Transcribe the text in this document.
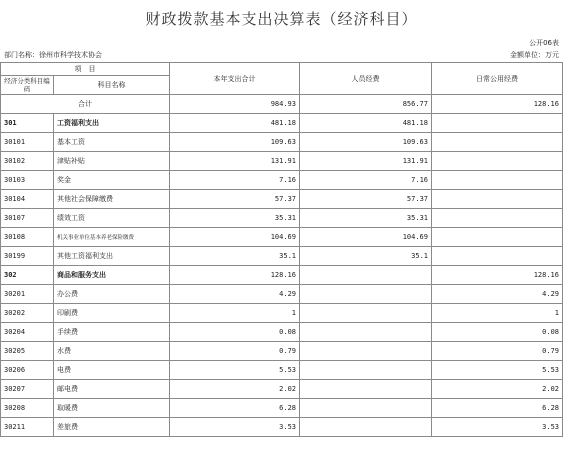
财政拨款基本支出决算表（经济科目）
公开06表
部门名称：徐州市科学技术协会	金额单位：万元
项　目		本年支出合计	人员经费	日常公用经费
经济分类科目编码	科目名称			
合计		984.93	856.77	128.16
301	工资福利支出	481.18	481.18	
30101	基本工资	109.63	109.63	
30102	津贴补贴	131.91	131.91	
30103	奖金	7.16	7.16	
30104	其他社会保障缴费	57.37	57.37	
30107	绩效工资	35.31	35.31	
30108	机关事业单位基本养老保险缴费	104.69	104.69	
30199	其他工资福利支出	35.1	35.1	
302	商品和服务支出	128.16		128.16
30201	办公费	4.29		4.29
30202	印刷费	1		1
30204	手续费	0.08		0.08
30205	水费	0.79		0.79
30206	电费	5.53		5.53
30207	邮电费	2.02		2.02
30208	取暖费	6.28		6.28
30211	差旅费	3.53		3.53
